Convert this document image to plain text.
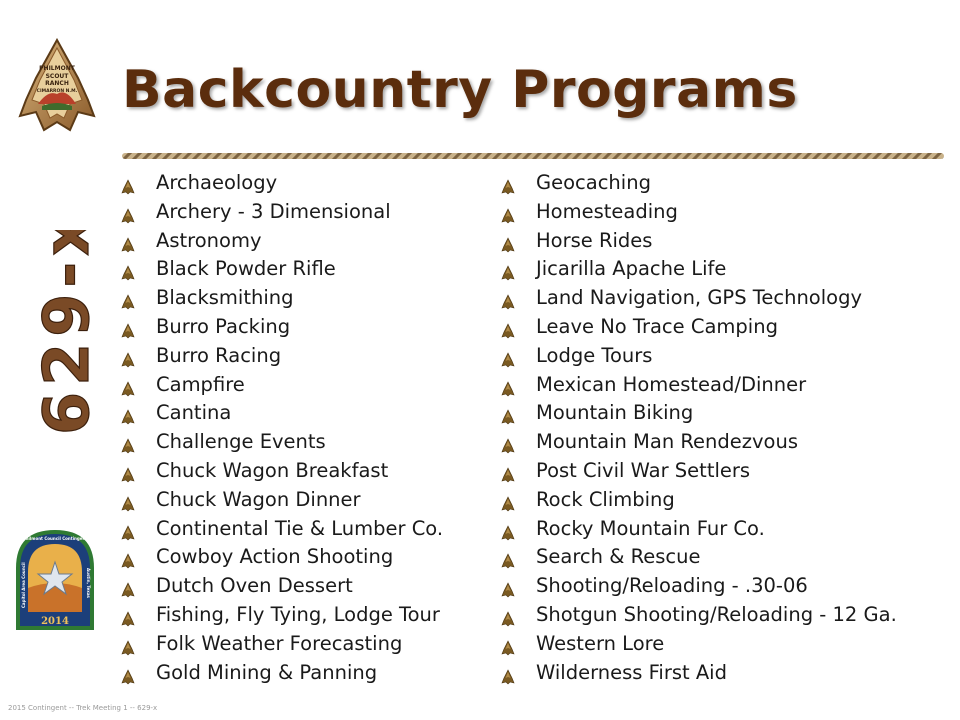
PHILMONT
SCOUT
RANCH
CIMARRON N.M. Backcountry Programs
629-x
2014
Philmont Council Contingent
Capitol Area Council	Austin, Texas
Archaeology
Archery - 3 Dimensional
Astronomy
Black Powder Rifle
Blacksmithing
Burro Packing
Burro Racing
Campfire
Cantina
Challenge Events
Chuck Wagon Breakfast
Chuck Wagon Dinner
Continental Tie & Lumber Co.
Cowboy Action Shooting
Dutch Oven Dessert
Fishing, Fly Tying, Lodge Tour
Folk Weather Forecasting
Gold Mining & Panning
Geocaching
Homesteading
Horse Rides
Jicarilla Apache Life
Land Navigation, GPS Technology
Leave No Trace Camping
Lodge Tours
Mexican Homestead/Dinner
Mountain Biking
Mountain Man Rendezvous
Post Civil War Settlers
Rock Climbing
Rocky Mountain Fur Co.
Search & Rescue
Shooting/Reloading - .30-06
Shotgun Shooting/Reloading - 12 Ga.
Western Lore
Wilderness First Aid
2015 Contingent -- Trek Meeting 1 -- 629-x
